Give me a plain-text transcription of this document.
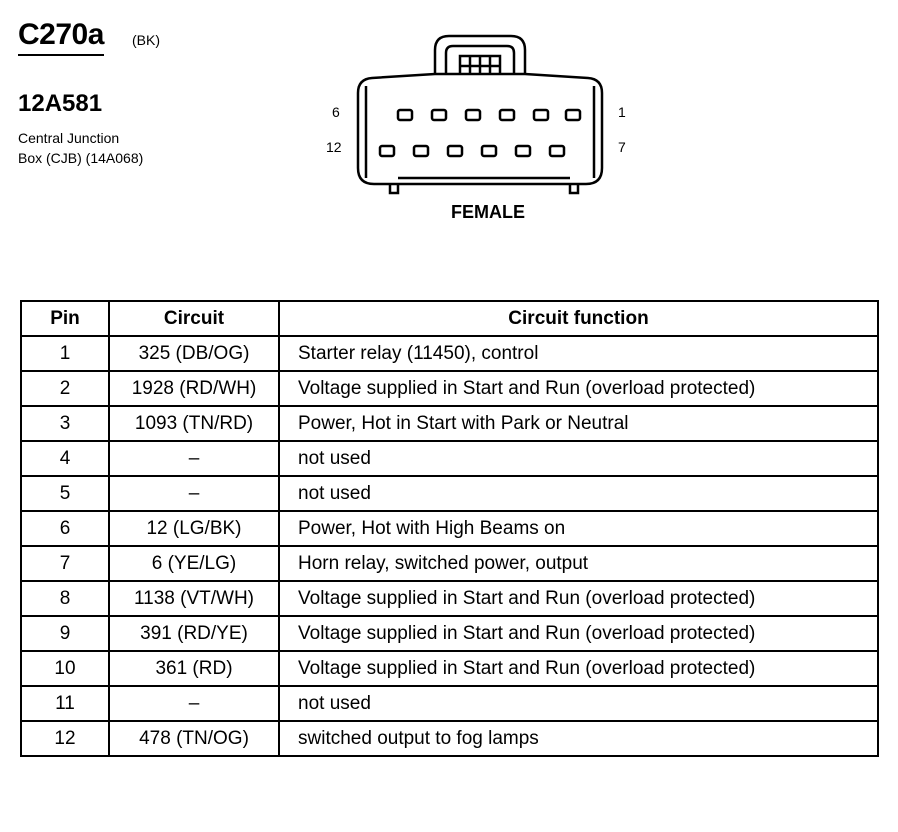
C270a (BK)
12A581
Central Junction
Box (CJB) (14A068)
6	1
12	7
FEMALE
Pin	Circuit	Circuit function
1	325 (DB/OG)	Starter relay (11450), control
2	1928 (RD/WH)	Voltage supplied in Start and Run (overload protected)
3	1093 (TN/RD)	Power, Hot in Start with Park or Neutral
4	–	not used
5	–	not used
6	12 (LG/BK)	Power, Hot with High Beams on
7	6 (YE/LG)	Horn relay, switched power, output
8	1138 (VT/WH)	Voltage supplied in Start and Run (overload protected)
9	391 (RD/YE)	Voltage supplied in Start and Run (overload protected)
10	361 (RD)	Voltage supplied in Start and Run (overload protected)
11	–	not used
12	478 (TN/OG)	switched output to fog lamps
